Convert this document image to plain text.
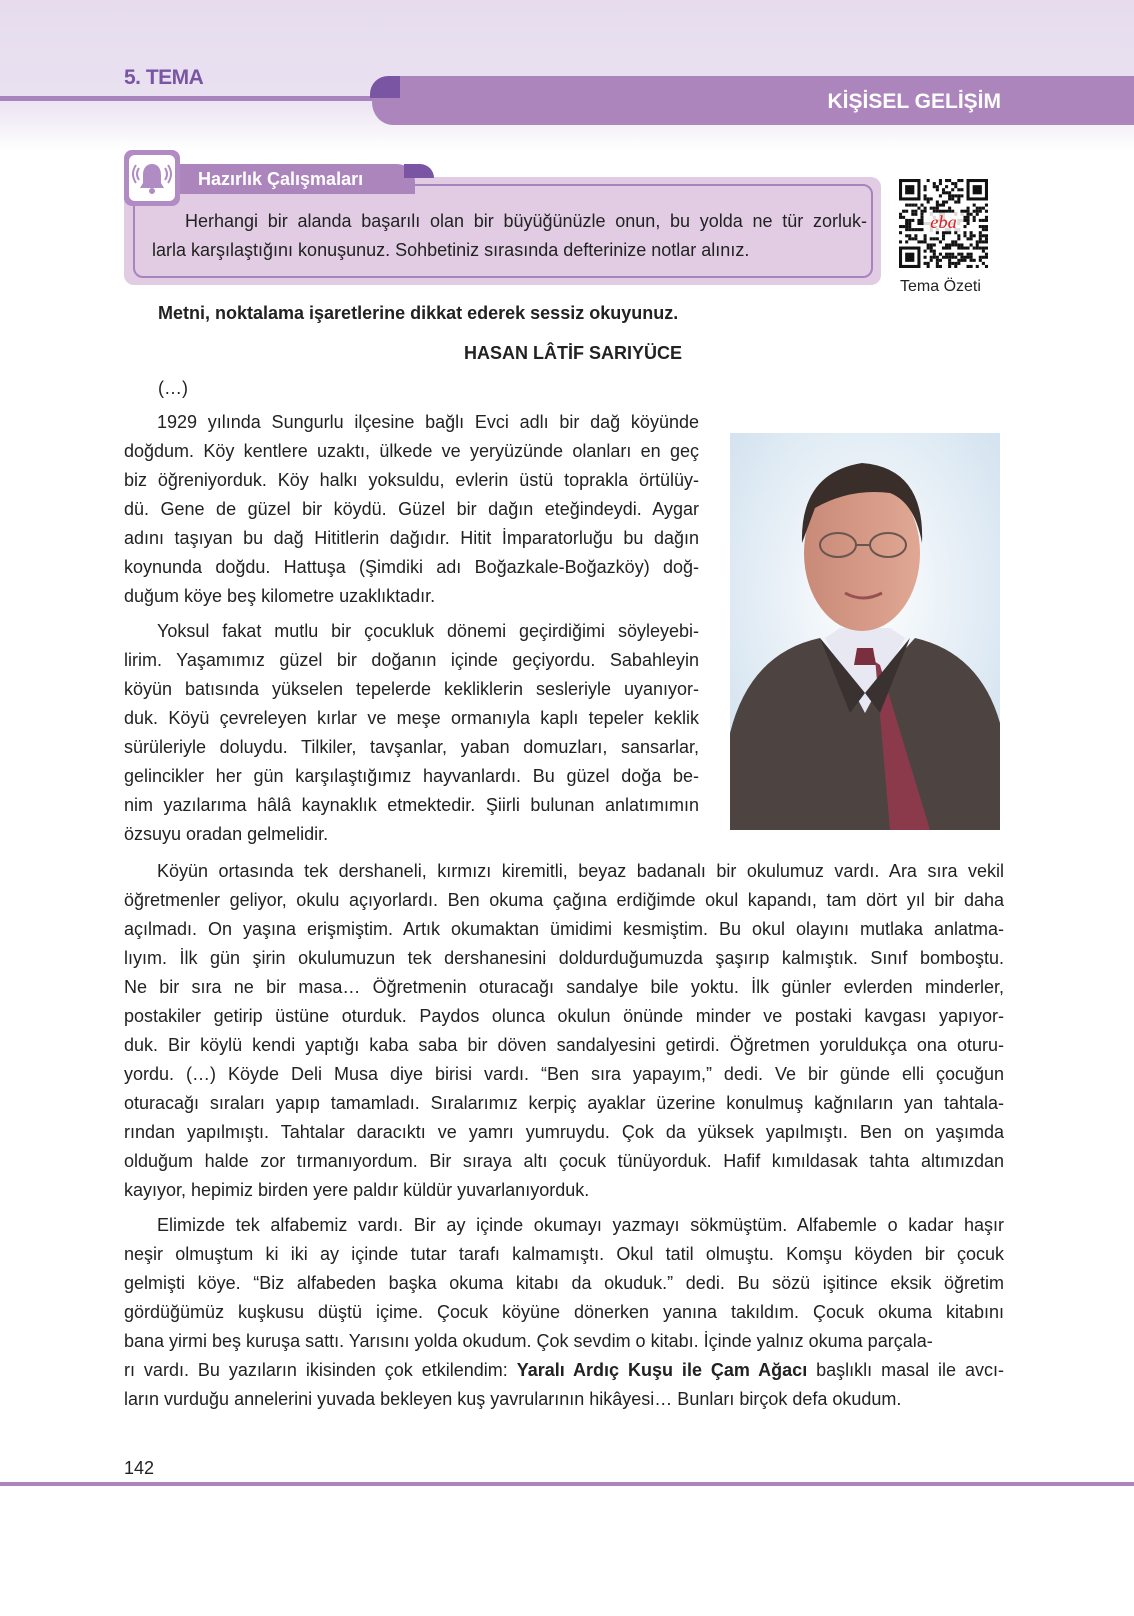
5. TEMA
KİŞİSEL GELİŞİM
Hazırlık Çalışmaları
Herhangi bir alanda başarılı olan bir büyüğünüzle onun, bu yolda ne tür zorluk-
larla karşılaştığını konuşunuz. Sohbetiniz sırasında defterinize notlar alınız.
eba
Tema Özeti
Metni, noktalama işaretlerine dikkat ederek sessiz okuyunuz.
HASAN LÂTİF SARIYÜCE
(…)
1929 yılında Sungurlu ilçesine bağlı Evci adlı bir dağ köyünde
doğdum. Köy kentlere uzaktı, ülkede ve yeryüzünde olanları en geç
biz öğreniyorduk. Köy halkı yoksuldu, evlerin üstü toprakla örtülüy-
dü. Gene de güzel bir köydü. Güzel bir dağın eteğindeydi. Aygar
adını taşıyan bu dağ Hititlerin dağıdır. Hitit İmparatorluğu bu dağın
koynunda doğdu. Hattuşa (Şimdiki adı Boğazkale-Boğazköy) doğ-
duğum köye beş kilometre uzaklıktadır.
Yoksul fakat mutlu bir çocukluk dönemi geçirdiğimi söyleyebi-
lirim. Yaşamımız güzel bir doğanın içinde geçiyordu. Sabahleyin
köyün batısında yükselen tepelerde kekliklerin sesleriyle uyanıyor-
duk. Köyü çevreleyen kırlar ve meşe ormanıyla kaplı tepeler keklik
sürüleriyle doluydu. Tilkiler, tavşanlar, yaban domuzları, sansarlar,
gelincikler her gün karşılaştığımız hayvanlardı. Bu güzel doğa be-
nim yazılarıma hâlâ kaynaklık etmektedir. Şiirli bulunan anlatımımın
özsuyu oradan gelmelidir.
Köyün ortasında tek dershaneli, kırmızı kiremitli, beyaz badanalı bir okulumuz vardı. Ara sıra vekil
öğretmenler geliyor, okulu açıyorlardı. Ben okuma çağına erdiğimde okul kapandı, tam dört yıl bir daha
açılmadı. On yaşına erişmiştim. Artık okumaktan ümidimi kesmiştim. Bu okul olayını mutlaka anlatma-
lıyım. İlk gün şirin okulumuzun tek dershanesini doldurduğumuzda şaşırıp kalmıştık. Sınıf bomboştu.
Ne bir sıra ne bir masa… Öğretmenin oturacağı sandalye bile yoktu. İlk günler evlerden minderler,
postakiler getirip üstüne oturduk. Paydos olunca okulun önünde minder ve postaki kavgası yapıyor-
duk. Bir köylü kendi yaptığı kaba saba bir döven sandalyesini getirdi. Öğretmen yoruldukça ona oturu-
yordu. (…) Köyde Deli Musa diye birisi vardı. “Ben sıra yapayım,” dedi. Ve bir günde elli çocuğun
oturacağı sıraları yapıp tamamladı. Sıralarımız kerpiç ayaklar üzerine konulmuş kağnıların yan tahtala-
rından yapılmıştı. Tahtalar daracıktı ve yamrı yumruydu. Çok da yüksek yapılmıştı. Ben on yaşımda
olduğum halde zor tırmanıyordum. Bir sıraya altı çocuk tünüyorduk. Hafif kımıldasak tahta altımızdan
kayıyor, hepimiz birden yere paldır küldür yuvarlanıyorduk.
Elimizde tek alfabemiz vardı. Bir ay içinde okumayı yazmayı sökmüştüm. Alfabemle o kadar haşır
neşir olmuştum ki iki ay içinde tutar tarafı kalmamıştı. Okul tatil olmuştu. Komşu köyden bir çocuk
gelmişti köye. “Biz alfabeden başka okuma kitabı da okuduk.” dedi. Bu sözü işitince eksik öğretim
gördüğümüz kuşkusu düştü içime. Çocuk köyüne dönerken yanına takıldım. Çocuk okuma kitabını
bana yirmi beş kuruşa sattı. Yarısını yolda okudum. Çok sevdim o kitabı. İçinde yalnız okuma parçala-
rı vardı. Bu yazıların ikisinden çok etkilendim: Yaralı Ardıç Kuşu ile Çam Ağacı başlıklı masal ile avcı-
ların vurduğu annelerini yuvada bekleyen kuş yavrularının hikâyesi… Bunları birçok defa okudum.
142
